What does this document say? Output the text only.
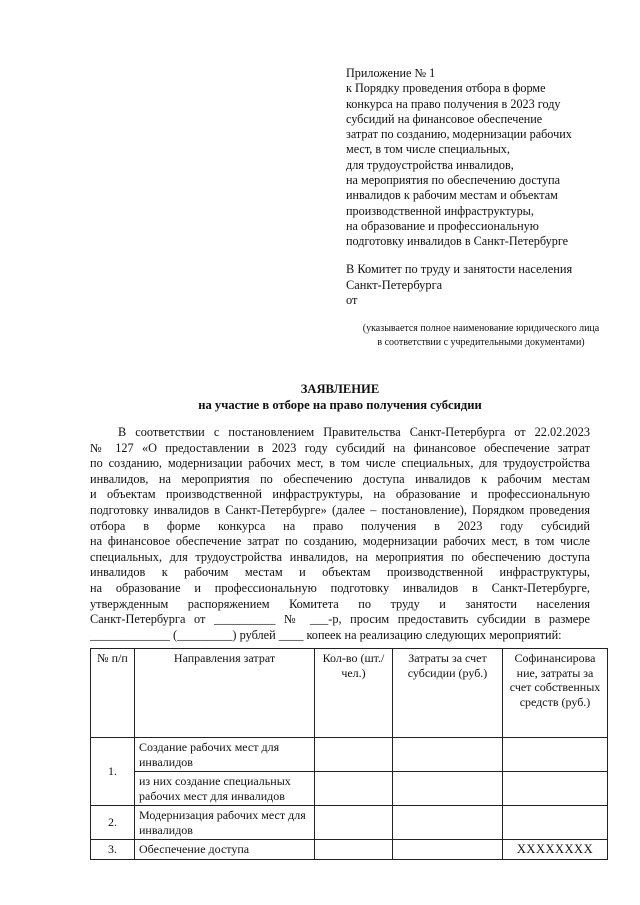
Приложение № 1
к Порядку проведения отбора в форме
конкурса на право получения в 2023 году
субсидий на финансовое обеспечение
затрат по созданию, модернизации рабочих
мест, в том числе специальных,
для трудоустройства инвалидов,
на мероприятия по обеспечению доступа
инвалидов к рабочим местам и объектам
производственной инфраструктуры,
на образование и профессиональную
подготовку инвалидов в Санкт-Петербурге
В Комитет по труду и занятости населения
Санкт-Петербурга
от
(указывается полное наименование юридического лица
в соответствии с учредительными документами)
ЗАЯВЛЕНИЕ
на участие в отборе на право получения субсидии
В соответствии с постановлением Правительства Санкт-Петербурга от 22.02.2023
№ 127 «О предоставлении в 2023 году субсидий на финансовое обеспечение затрат
по созданию, модернизации рабочих мест, в том числе специальных, для трудоустройства
инвалидов, на мероприятия по обеспечению доступа инвалидов к рабочим местам
и объектам производственной инфраструктуры, на образование и профессиональную
подготовку инвалидов в Санкт-Петербурге» (далее – постановление), Порядком проведения
отбора в форме конкурса на право получения в 2023 году субсидий
на финансовое обеспечение затрат по созданию, модернизации рабочих мест, в том числе
специальных, для трудоустройства инвалидов, на мероприятия по обеспечению доступа
инвалидов к рабочим местам и объектам производственной инфраструктуры,
на образование и профессиональную подготовку инвалидов в Санкт-Петербурге,
утвержденным распоряжением Комитета по труду и занятости населения
Санкт-Петербурга от __________ № ___-р, просим предоставить субсидии в размере
_____________ (_________) рублей ____ копеек на реализацию следующих мероприятий:
№ п/п	Направления затрат	Кол-во (шт./чел.)	Затраты за счет субсидии (руб.)	Софинансирова ние, затраты за счет собственных средств (руб.)
1.	Создание рабочих мест для инвалидов			
	из них создание специальных рабочих мест для инвалидов			
2.	Модернизация рабочих мест для инвалидов			
3.	Обеспечение доступа			XXXXXXXX
